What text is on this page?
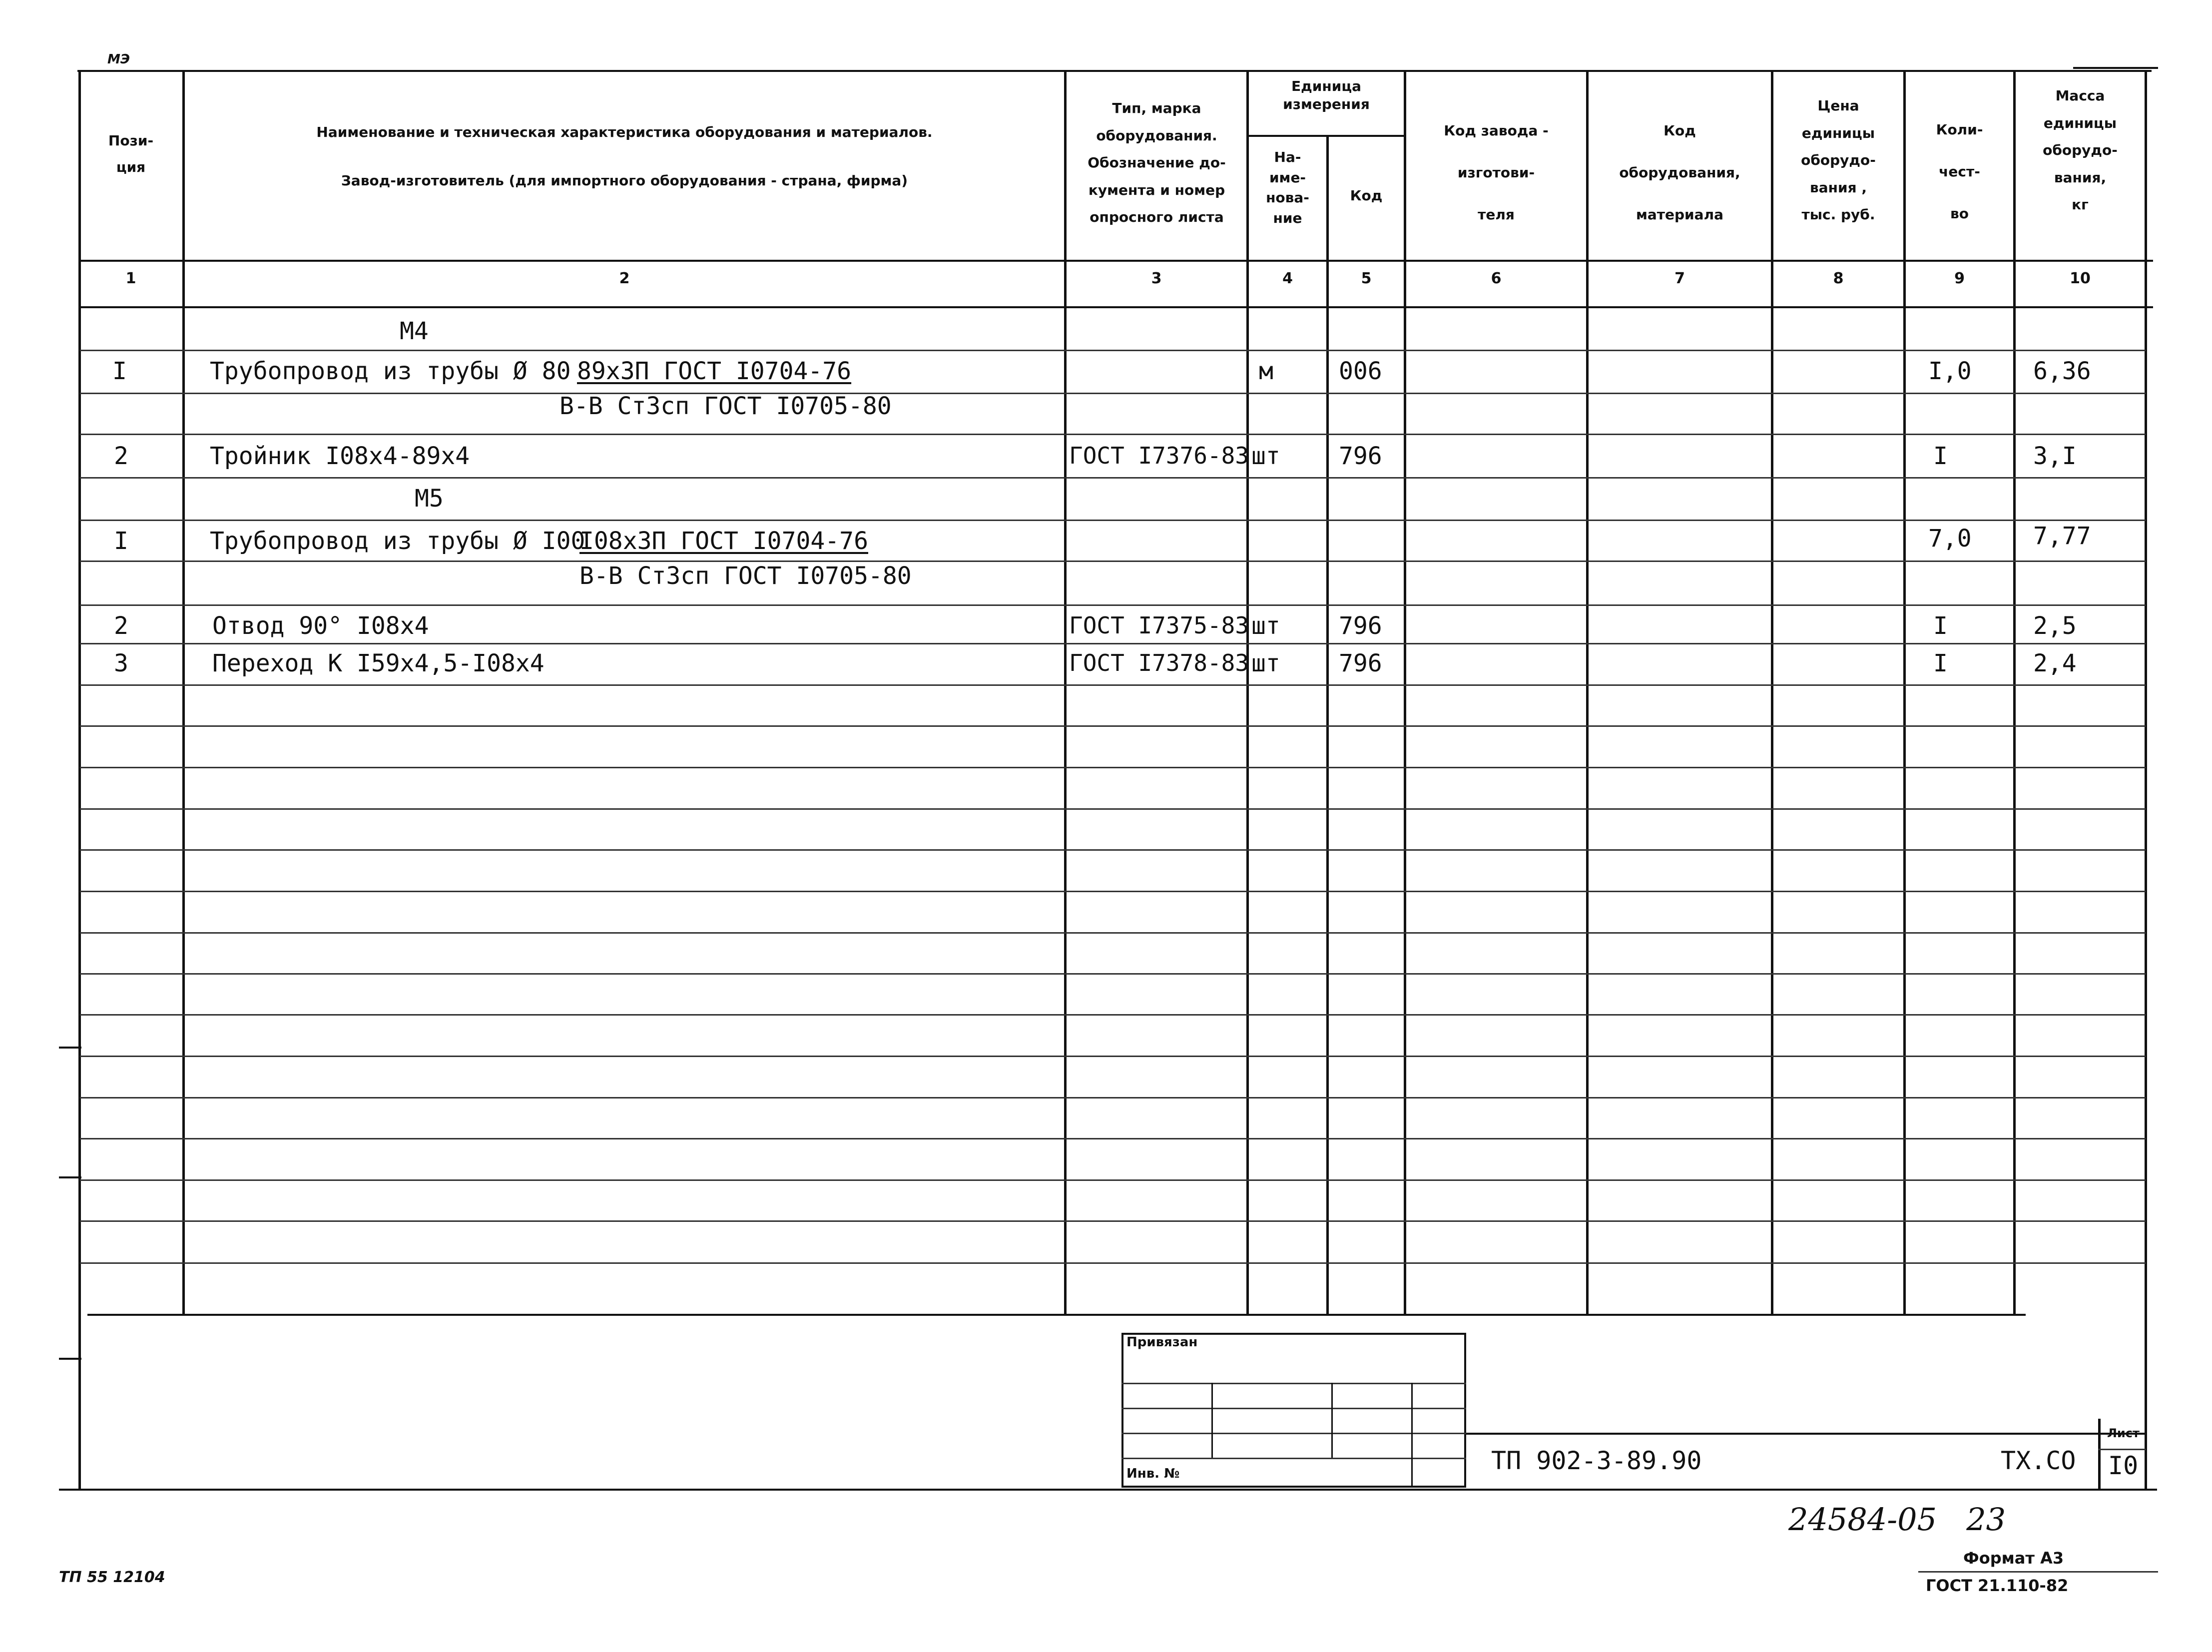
МЭ
Пози-
ция
Наименование и техническая характеристика оборудования и материалов.
Завод-изготовитель (для импортного оборудования - страна, фирма)
Тип, марка
оборудования.
Обозначение до-
кумента и номер
опросного листа
Единица
измерения
На-
име-
нова-
ние
Код
Код завода -
изготови-
теля
Код
оборудования,
материала
Цена
единицы
оборудо-
вания ,
тыс. руб.
Коли-
чест-
во
Масса
единицы
оборудо-
вания,
кг
1	2	3	4	5	6	7	8	9	10
М4
I	Трубопровод из трубы Ø 80 89х3П ГОСТ I0704-76	м	006	I,0	6,36
В-В Ст3сп ГОСТ I0705-80
2	Тройник I08х4-89х4	ГОСТ I7376-83 шт 796	I	3,I
М5
I	Трубопровод из трубы Ø I00
I08х3П ГОСТ I0704-76	7,0	7,77
В-В Ст3сп ГОСТ I0705-80
2	Отвод 90° I08х4	ГОСТ I7375-83 шт 796	I	2,5
3	Переход К I59х4,5-I08х4	ГОСТ I7378-83 шт 796	I	2,4
Привязан
Инв. №	ТП 902-3-89.90	ТХ.СО
Лист
I0
24584-05   23
Формат А3
ГОСТ 21.110-82
ТП 55 12104
